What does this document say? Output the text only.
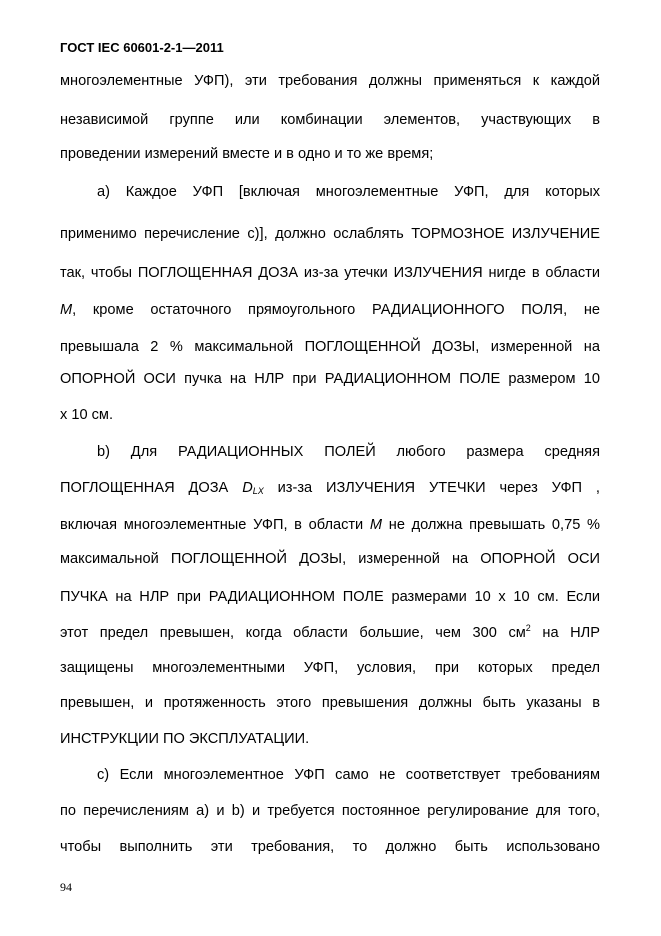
ГОСТ IEC 60601-2-1—2011
многоэлементные УФП), эти требования должны применяться к каждой
независимой группе или комбинации элементов, участвующих в
проведении измерений вместе и в одно и то же время;
a) Каждое УФП [включая многоэлементные УФП, для которых
применимо перечисление c)], должно ослаблять ТОРМОЗНОЕ ИЗЛУЧЕНИЕ
так, чтобы ПОГЛОЩЕННАЯ ДОЗА из-за утечки ИЗЛУЧЕНИЯ нигде в области
M, кроме остаточного прямоугольного РАДИАЦИОННОГО ПОЛЯ, не
превышала 2 % максимальной ПОГЛОЩЕННОЙ ДОЗЫ, измеренной на
ОПОРНОЙ ОСИ пучка на НЛР при РАДИАЦИОННОМ ПОЛЕ размером 10
x 10 см.
b) Для РАДИАЦИОННЫХ ПОЛЕЙ любого размера средняя
ПОГЛОЩЕННАЯ ДОЗА $D_{LX}$ из-за ИЗЛУЧЕНИЯ УТЕЧКИ через УФП ,
включая многоэлементные УФП, в области M не должна превышать 0,75 %
максимальной ПОГЛОЩЕННОЙ ДОЗЫ, измеренной на ОПОРНОЙ ОСИ
ПУЧКА на НЛР при РАДИАЦИОННОМ ПОЛЕ размерами 10 x 10 см. Если
этот предел превышен, когда области большие, чем 300 $см^2$ на НЛР
защищены многоэлементными УФП, условия, при которых предел
превышен, и протяженность этого превышения должны быть указаны в
ИНСТРУКЦИИ ПО ЭКСПЛУАТАЦИИ.
c) Если многоэлементное УФП само не соответствует требованиям
по перечислениям a) и b) и требуется постоянное регулирование для того,
чтобы выполнить эти требования, то должно быть использовано
94
